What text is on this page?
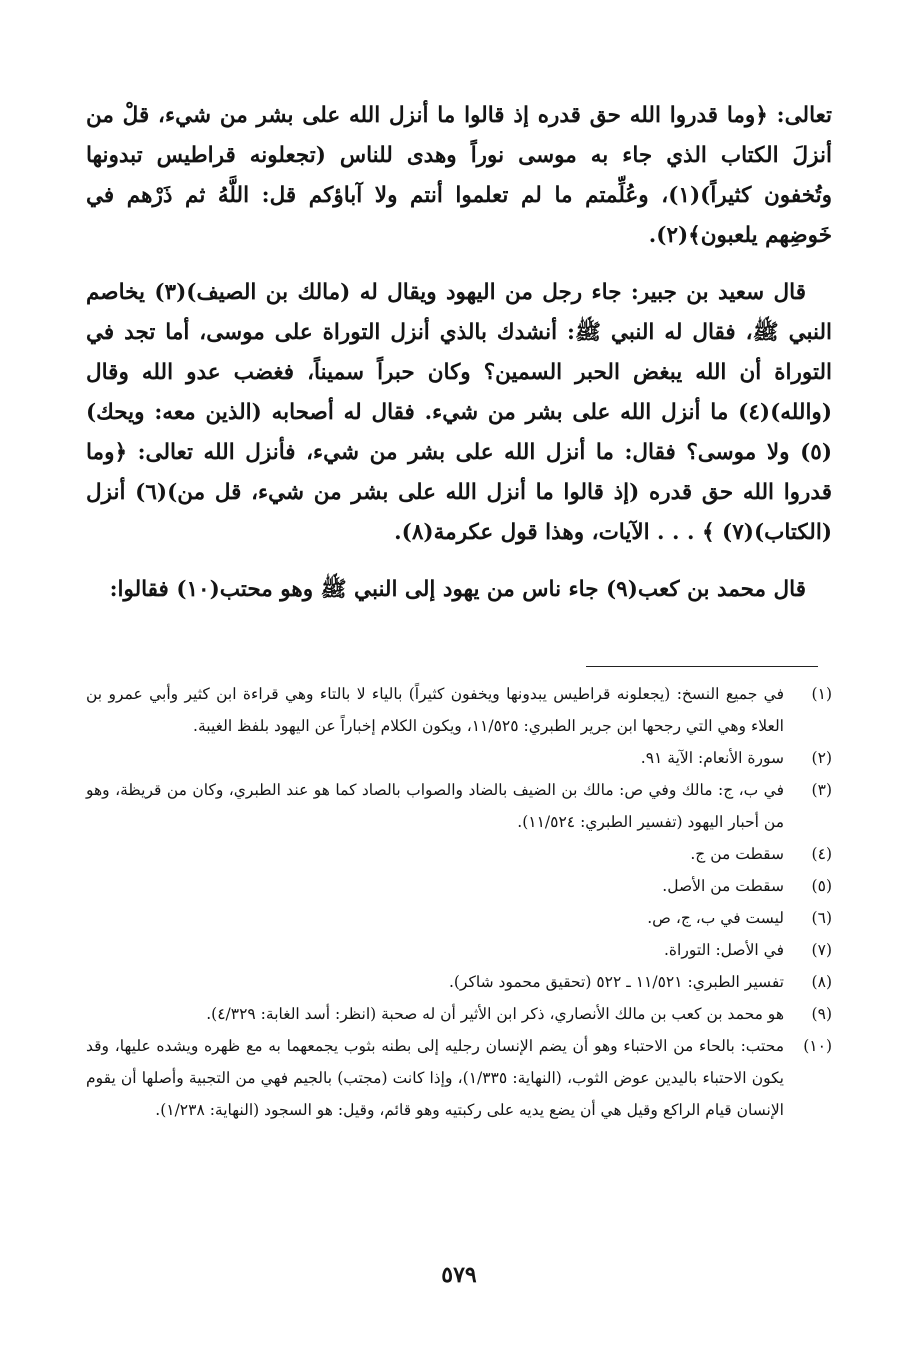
تعالى: ﴿وما قدروا الله حق قدره إذ قالوا ما أنزل الله على بشر من شيء، قلْ من أنزلَ الكتاب الذي جاء به موسى نوراً وهدى للناس (تجعلونه قراطيس تبدونها وتُخفون كثيراً)(١)، وعُلِّمتم ما لم تعلموا أنتم ولا آباؤكم قل: اللَّهُ ثم ذَرْهم في خَوضِهم يلعبون﴾(٢).

قال سعيد بن جبير: جاء رجل من اليهود ويقال له (مالك بن الصيف)(٣) يخاصم النبي ﷺ، فقال له النبي ﷺ: أنشدك بالذي أنزل التوراة على موسى، أما تجد في التوراة أن الله يبغض الحبر السمين؟ وكان حبراً سميناً، فغضب عدو الله وقال (والله)(٤) ما أنزل الله على بشر من شيء. فقال له أصحابه (الذين معه: ويحك)(٥) ولا موسى؟ فقال: ما أنزل الله على بشر من شيء، فأنزل الله تعالى: ﴿وما قدروا الله حق قدره (إذ قالوا ما أنزل الله على بشر من شيء، قل من)(٦) أنزل (الكتاب)(٧) ﴾ . . . الآيات، وهذا قول عكرمة(٨).

قال محمد بن كعب(٩) جاء ناس من يهود إلى النبي ﷺ وهو محتب(١٠) فقالوا:

(١)
في جميع النسخ: (يجعلونه قراطيس يبدونها ويخفون كثيراً) بالياء لا بالتاء وهي قراءة ابن كثير وأبي عمرو بن العلاء وهي التي رجحها ابن جرير الطبري: ١١/٥٢٥، ويكون الكلام إخباراً عن اليهود بلفظ الغيبة.
(٢)
سورة الأنعام: الآية ٩١.
(٣)
في ب، ج: مالك وفي ص: مالك بن الضيف بالضاد والصواب بالصاد كما هو عند الطبري، وكان من قريظة، وهو من أحبار اليهود (تفسير الطبري: ١١/٥٢٤).
(٤)
سقطت من ج.
(٥)
سقطت من الأصل.
(٦)
ليست في ب، ج، ص.
(٧)
في الأصل: التوراة.
(٨)
تفسير الطبري: ١١/٥٢١ ـ ٥٢٢ (تحقيق محمود شاكر).
(٩)
هو محمد بن كعب بن مالك الأنصاري، ذكر ابن الأثير أن له صحبة (انظر: أسد الغابة: ٤/٣٢٩).
(١٠)
محتب: بالحاء من الاحتباء وهو أن يضم الإنسان رجليه إلى بطنه بثوب يجمعهما به مع ظهره ويشده عليها، وقد يكون الاحتباء باليدين عوض الثوب، (النهاية: ١/٣٣٥)، وإذا كانت (مجتب) بالجيم فهي من التجبية وأصلها أن يقوم الإنسان قيام الراكع وقيل هي أن يضع يديه على ركبتيه وهو قائم، وقيل: هو السجود (النهاية: ١/٢٣٨).
٥٧٩
